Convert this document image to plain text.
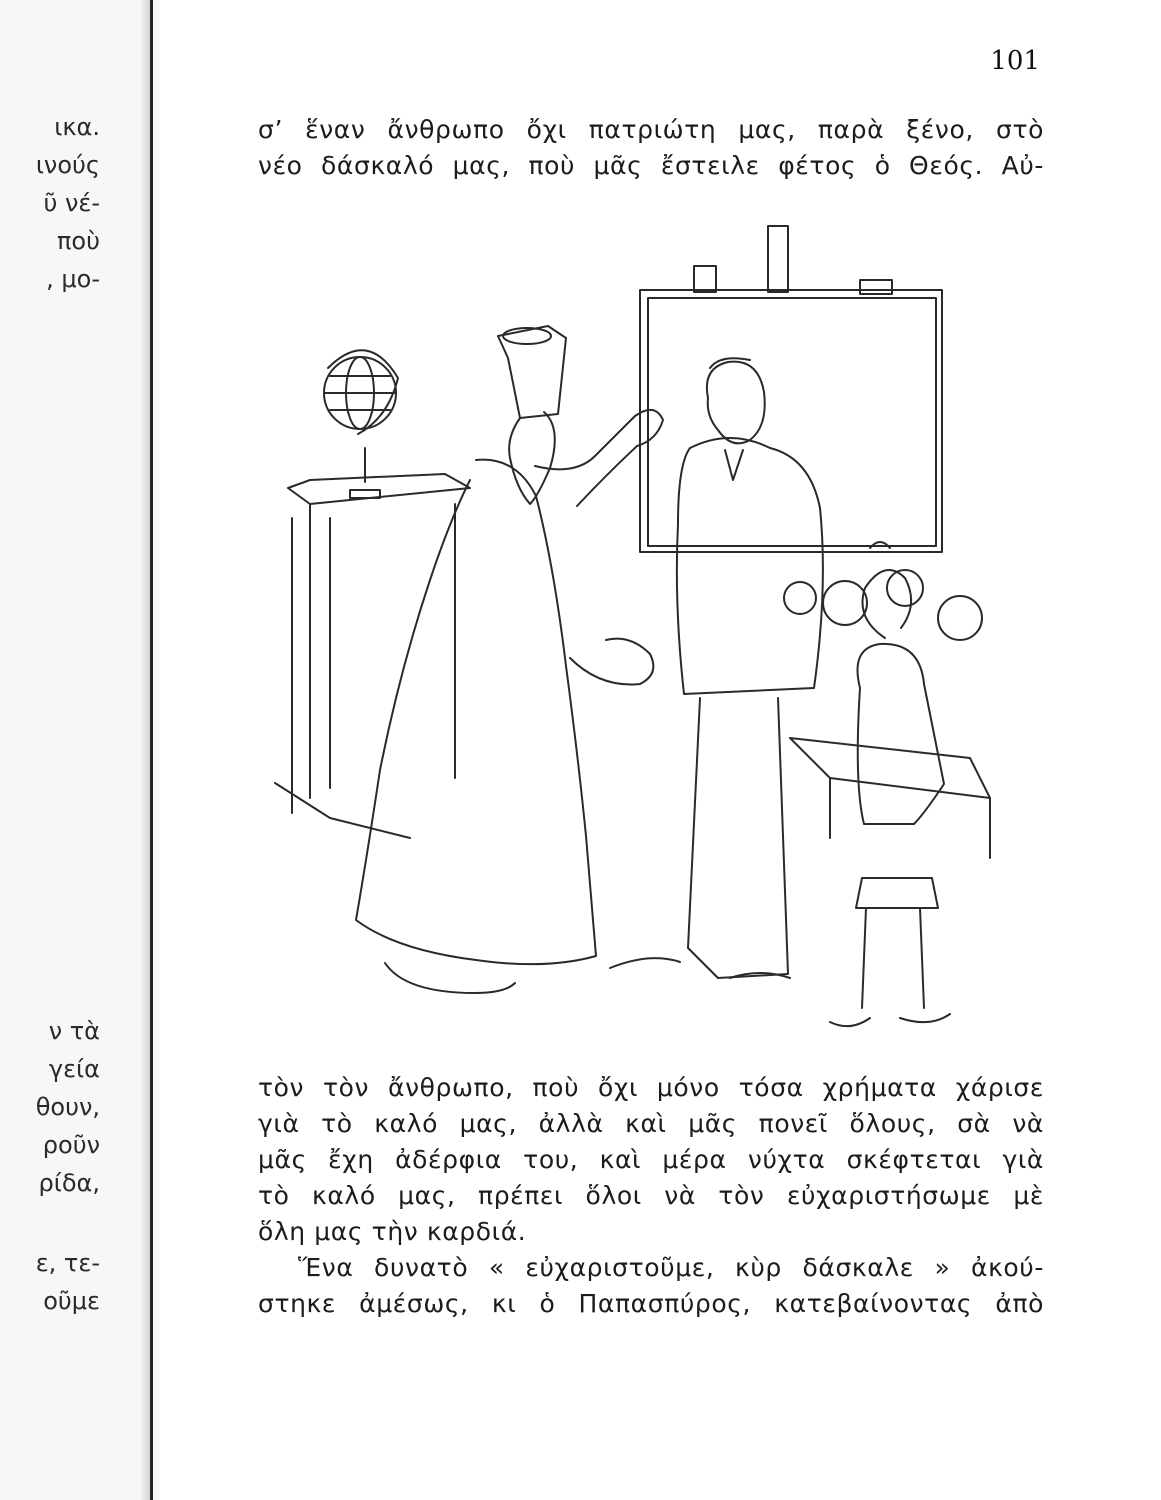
ικα.
ινούς
ῦ νέ-
ποὺ
, μο-
ν τὰ
γεία
θουν,
ροῦν
ρίδα,
ε, τε-
οῦμε
101
σ’ ἕναν ἄνθρωπο ὄχι πατριώτη μας, παρὰ ξένο, στὸ
νέο δάσκαλό μας, ποὺ μᾶς ἔστειλε φέτος ὁ Θεός. Αὐ-
τὸν τὸν ἄνθρωπο, ποὺ ὄχι μόνο τόσα χρήματα χάρισε
γιὰ τὸ καλό μας, ἀλλὰ καὶ μᾶς πονεῖ ὅλους, σὰ νὰ
μᾶς ἔχη ἀδέρφια του, καὶ μέρα νύχτα σκέφτεται γιὰ
τὸ καλό μας, πρέπει ὅλοι νὰ τὸν εὐχαριστήσωμε μὲ
ὅλη μας τὴν καρδιά.
Ἕνα δυνατὸ « εὐχαριστοῦμε, κὺρ δάσκαλε » ἀκού-
στηκε ἀμέσως, κι ὁ Παπασπύρος, κατεβαίνοντας ἀπὸ
